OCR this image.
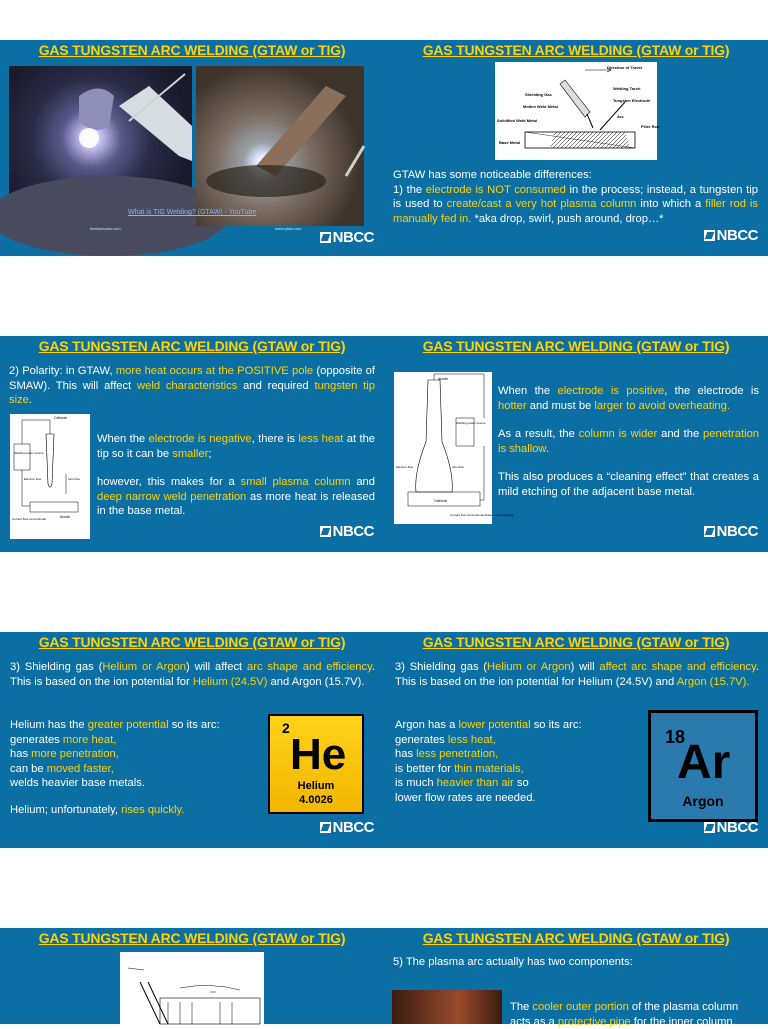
GAS TUNGSTEN ARC WELDING (GTAW or TIG)
thefabricator.com	www.gtaw.com
What is TIG Welding? (GTAW) - YouTube
NBCC
GAS TUNGSTEN ARC WELDING (GTAW or TIG)
Direction of Travel
Welding Torch
Tungsten Electrode
Shielding Gas
Molten Weld Metal
Solidified Weld Metal
Arc
Filler Rod
Base Metal
GTAW has some noticeable differences:
1) the electrode is NOT consumed in the process; instead, a tungsten tip is used to create/cast a very hot plasma column into which a filler rod is manually fed in. *aka drop, swirl, push around, drop…*
NBCC
GAS TUNGSTEN ARC WELDING (GTAW or TIG)
2) Polarity: in GTAW, more heat occurs at the POSITIVE pole (opposite of SMAW). This will affect weld characteristics and required tungsten tip size.
Cathode
Welding power source
Electron flow	Ions flow
Anode
Current flow conventional

When the electrode is negative, there is less heat at the tip so it can be smaller;

however, this makes for a small plasma column and deep narrow weld penetration as more heat is released in the base metal.

NBCC
GAS TUNGSTEN ARC WELDING (GTAW or TIG)
Anode
Welding power source
Electron flow	Ions flow
Cathode
Current flow conventional (base metal cleaning)

When the electrode is positive, the electrode is hotter and must be larger to avoid overheating.

As a result, the column is wider and the penetration is shallow.

This also produces a “cleaning effect” that creates a mild etching of the adjacent base metal.

NBCC
GAS TUNGSTEN ARC WELDING (GTAW or TIG)
3) Shielding gas (Helium or Argon) will affect arc shape and efficiency. This is based on the ion potential for Helium (24.5V) and Argon (15.7V).
Helium has the greater potential so its arc:
generates more heat,
has more penetration,
can be moved faster,
welds heavier base metals.
Helium; unfortunately, rises quickly.
2
He
Helium
4.0026
NBCC
GAS TUNGSTEN ARC WELDING (GTAW or TIG)
3) Shielding gas (Helium or Argon) will affect arc shape and efficiency. This is based on the ion potential for Helium (24.5V) and Argon (15.7V).
Argon has a lower potential so its arc:
generates less heat,
has less penetration,
is better for thin materials,
is much heavier than air so
lower flow rates are needed.
18
Ar
Argon
NBCC
GAS TUNGSTEN ARC WELDING (GTAW or TIG)	GAS TUNGSTEN ARC WELDING (GTAW or TIG)
5) The plasma arc actually has two components:
The cooler outer portion of the plasma column acts as a protective pipe for the inner column.
